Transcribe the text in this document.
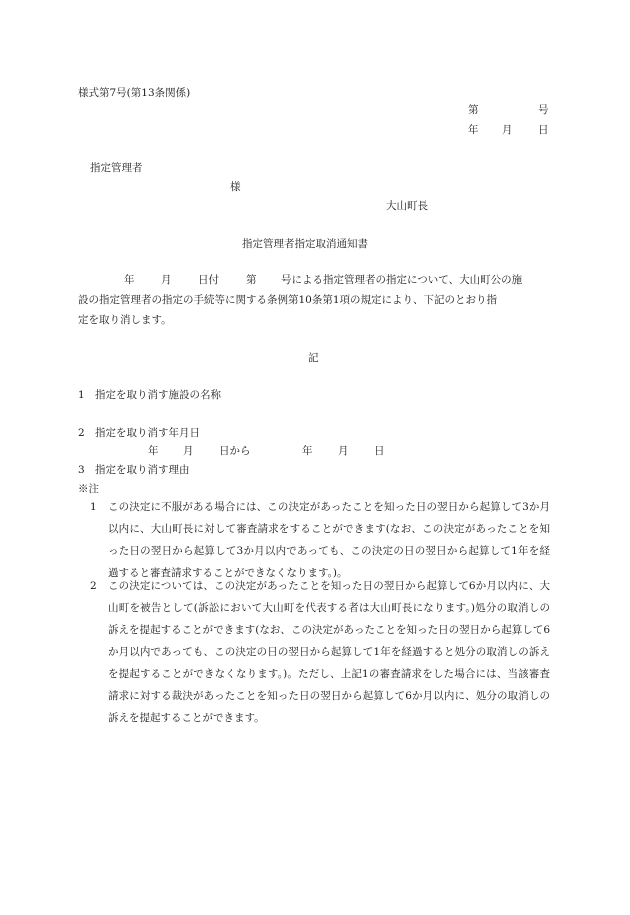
様式第7号(第13条関係)
第	号
年 月 日
指定管理者
様
大山町長
指定管理者指定取消通知書
年	月	日付	第 号による指定管理者の指定について、大山町公の施
設の指定管理者の指定の手続等に関する条例第10条第1項の規定により、下記のとおり指
定を取り消します。
記
1 指定を取り消す施設の名称
2 指定を取り消す年月日
年 月 日から	年 月 日
3 指定を取り消す理由
※注
1 この決定に不服がある場合には、この決定があったことを知った日の翌日から起算して3か月以内に、大山町長に対して審査請求をすることができます(なお、この決定があったことを知った日の翌日から起算して3か月以内であっても、この決定の日の翌日から起算して1年を経過すると審査請求することができなくなります。)。
2 この決定については、この決定があったことを知った日の翌日から起算して6か月以内に、大山町を被告として(訴訟において大山町を代表する者は大山町長になります。)処分の取消しの訴えを提起することができます(なお、この決定があったことを知った日の翌日から起算して6か月以内であっても、この決定の日の翌日から起算して1年を経過すると処分の取消しの訴えを提起することができなくなります。)。ただし、上記1の審査請求をした場合には、当該審査請求に対する裁決があったことを知った日の翌日から起算して6か月以内に、処分の取消しの訴えを提起することができます。
